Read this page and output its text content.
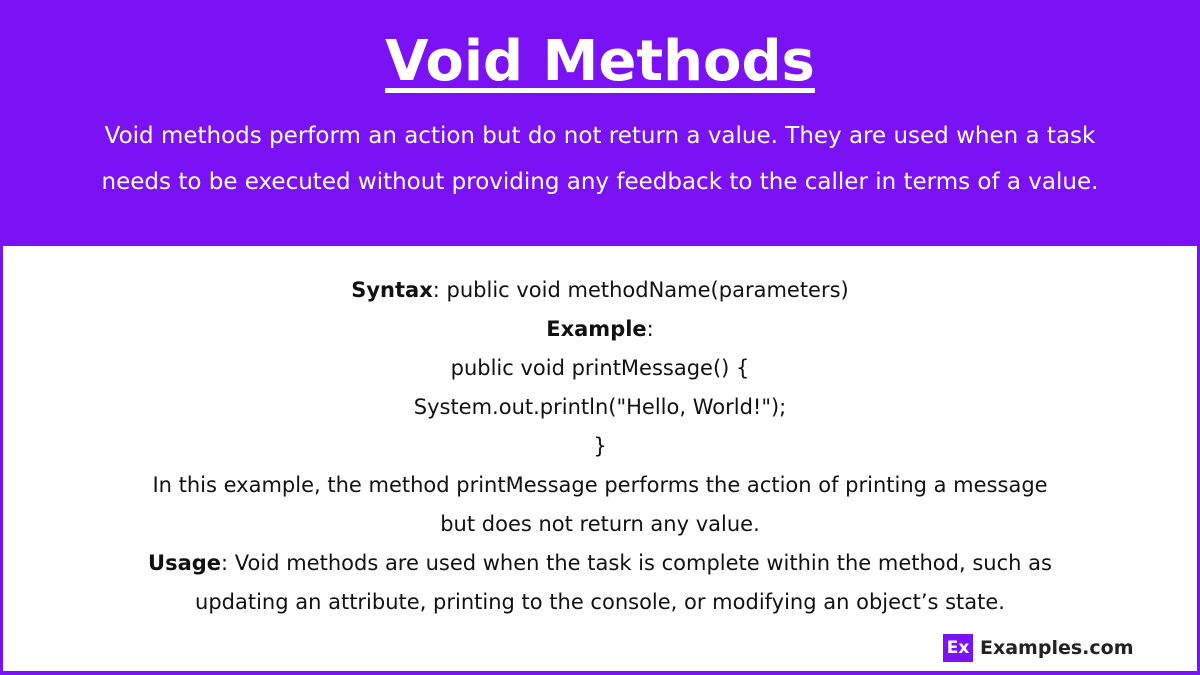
Void Methods

Void methods perform an action but do not return a value. They are used when a task needs to be executed without providing any feedback to the caller in terms of a value.

Syntax: public void methodName(parameters)
Example:
public void printMessage() {
System.out.println("Hello, World!");
}
In this example, the method printMessage performs the action of printing a message
but does not return any value.
Usage: Void methods are used when the task is complete within the method, such as
updating an attribute, printing to the console, or modifying an object’s state.
Ex Examples.com
